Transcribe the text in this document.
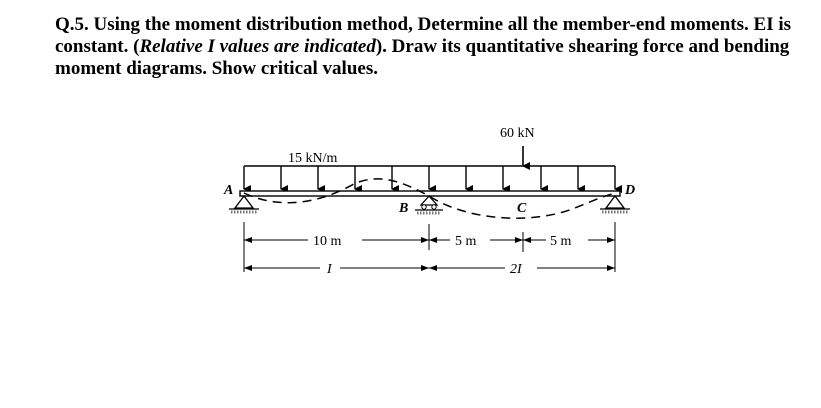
Q.5. Using the moment distribution method, Determine all the member-end moments. EI is constant. (Relative I values are indicated). Draw its quantitative shearing force and bending moment diagrams. Show critical values.

15 kN/m
60 kN
A
B	C
D
10 m	5 m	5 m
I	2I
